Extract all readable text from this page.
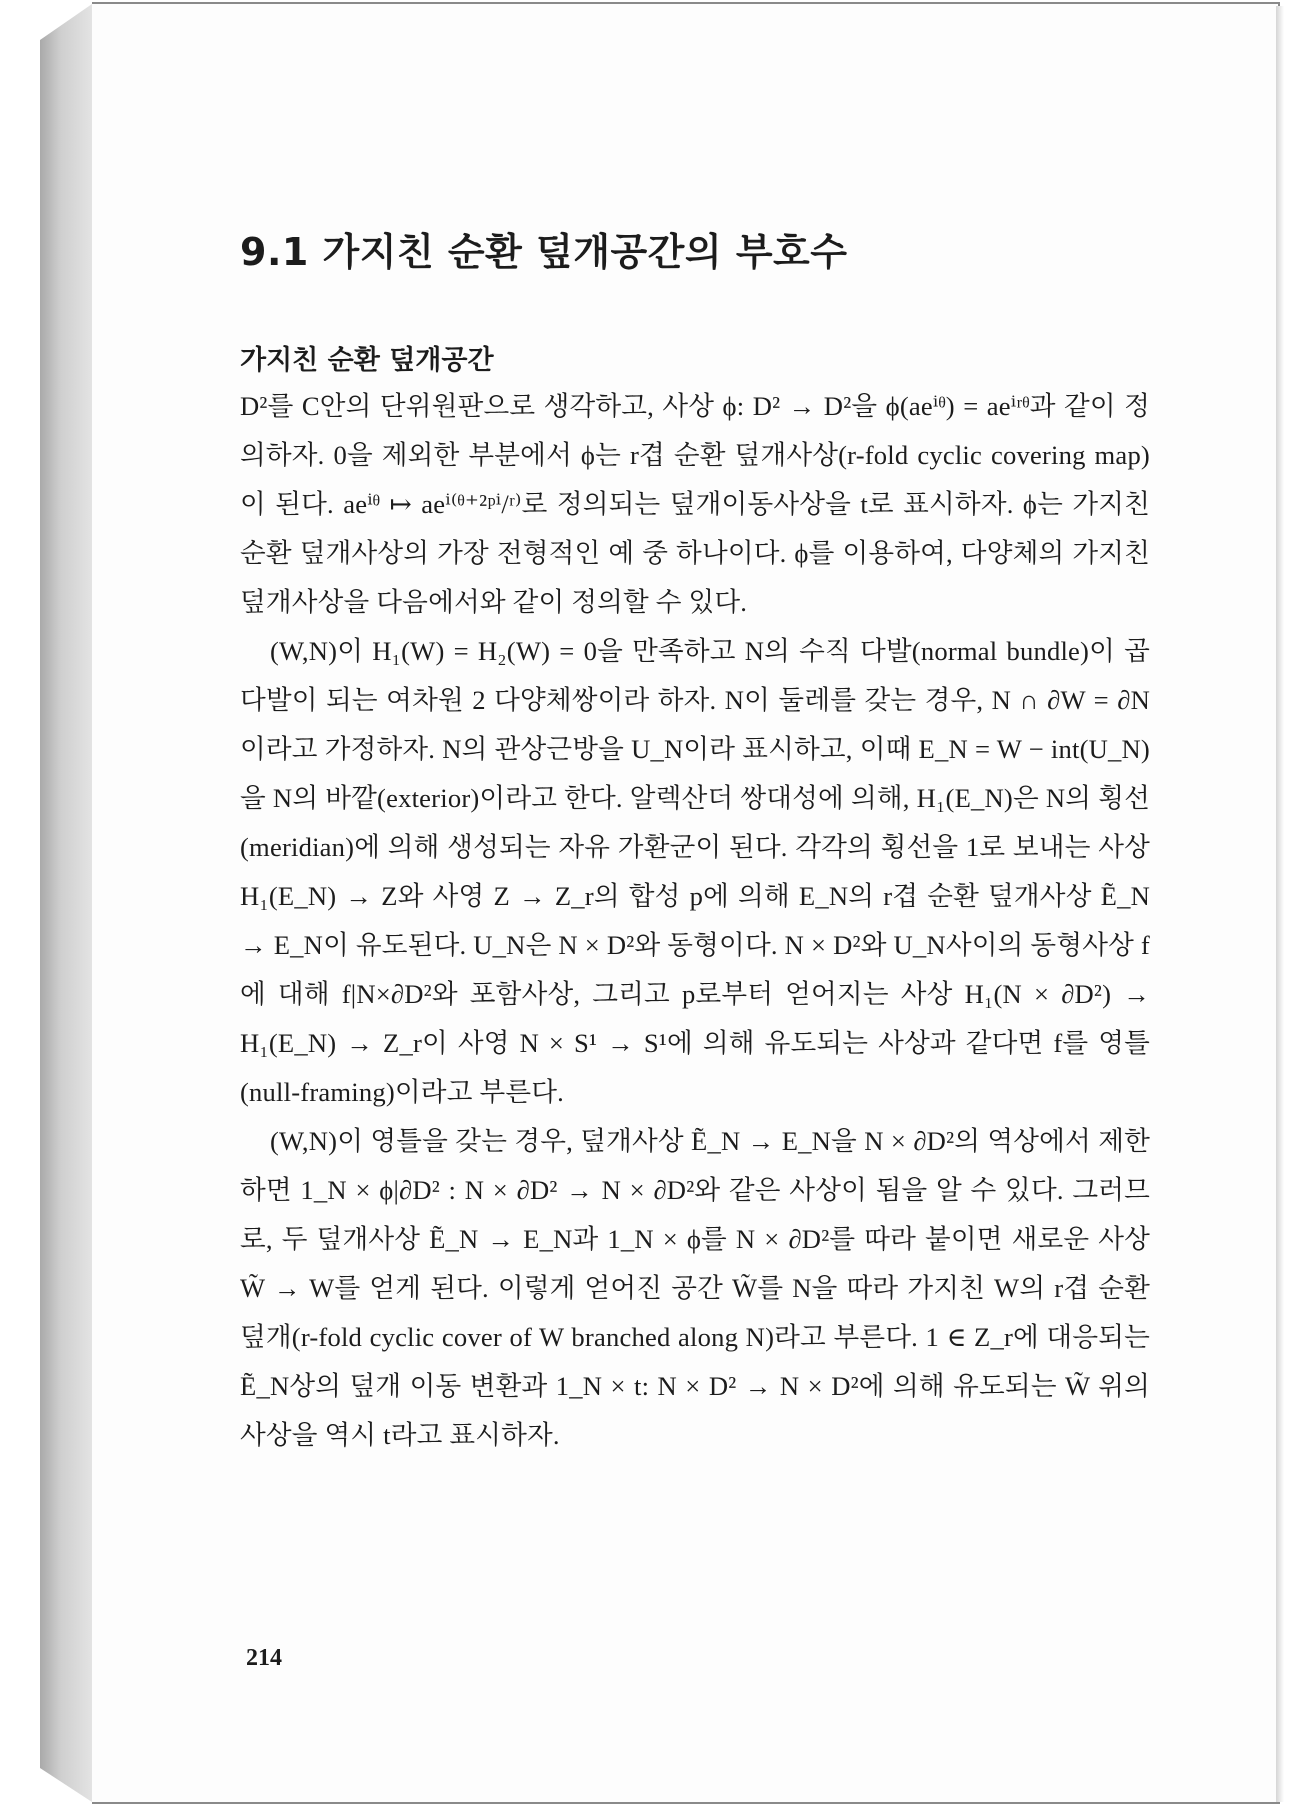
9.1 가지친 순환 덮개공간의 부호수
가지친 순환 덮개공간

D²를 C안의 단위원판으로 생각하고, 사상 ϕ: D² → D²을 ϕ(aeⁱᶿ) = aeⁱʳᶿ과 같이 정의하자. 0을 제외한 부분에서 ϕ는 r겹 순환 덮개사상(r-fold cyclic covering map)이 된다. aeⁱᶿ ↦ aeⁱ⁽ᶿ⁺²ᵖⁱ/ʳ⁾로 정의되는 덮개이동사상을 t로 표시하자. ϕ는 가지친 순환 덮개사상의 가장 전형적인 예 중 하나이다. ϕ를 이용하여, 다양체의 가지친 덮개사상을 다음에서와 같이 정의할 수 있다.

(W,N)이 H₁(W) = H₂(W) = 0을 만족하고 N의 수직 다발(normal bundle)이 곱다발이 되는 여차원 2 다양체쌍이라 하자. N이 둘레를 갖는 경우, N ∩ ∂W = ∂N이라고 가정하자. N의 관상근방을 U_N이라 표시하고, 이때 E_N = W − int(U_N)을 N의 바깥(exterior)이라고 한다. 알렉산더 쌍대성에 의해, H₁(E_N)은 N의 횡선(meridian)에 의해 생성되는 자유 가환군이 된다. 각각의 횡선을 1로 보내는 사상 H₁(E_N) → Z와 사영 Z → Z_r의 합성 p에 의해 E_N의 r겹 순환 덮개사상 Ẽ_N → E_N이 유도된다. U_N은 N × D²와 동형이다. N × D²와 U_N사이의 동형사상 f에 대해 f|N×∂D²와 포함사상, 그리고 p로부터 얻어지는 사상 H₁(N × ∂D²) → H₁(E_N) → Z_r이 사영 N × S¹ → S¹에 의해 유도되는 사상과 같다면 f를 영틀(null-framing)이라고 부른다.

(W,N)이 영틀을 갖는 경우, 덮개사상 Ẽ_N → E_N을 N × ∂D²의 역상에서 제한하면 1_N × ϕ|∂D² : N × ∂D² → N × ∂D²와 같은 사상이 됨을 알 수 있다. 그러므로, 두 덮개사상 Ẽ_N → E_N과 1_N × ϕ를 N × ∂D²를 따라 붙이면 새로운 사상 W̃ → W를 얻게 된다. 이렇게 얻어진 공간 W̃를 N을 따라 가지친 W의 r겹 순환 덮개(r-fold cyclic cover of W branched along N)라고 부른다. 1 ∈ Z_r에 대응되는 Ẽ_N상의 덮개 이동 변환과 1_N × t: N × D² → N × D²에 의해 유도되는 W̃ 위의 사상을 역시 t라고 표시하자.

214
